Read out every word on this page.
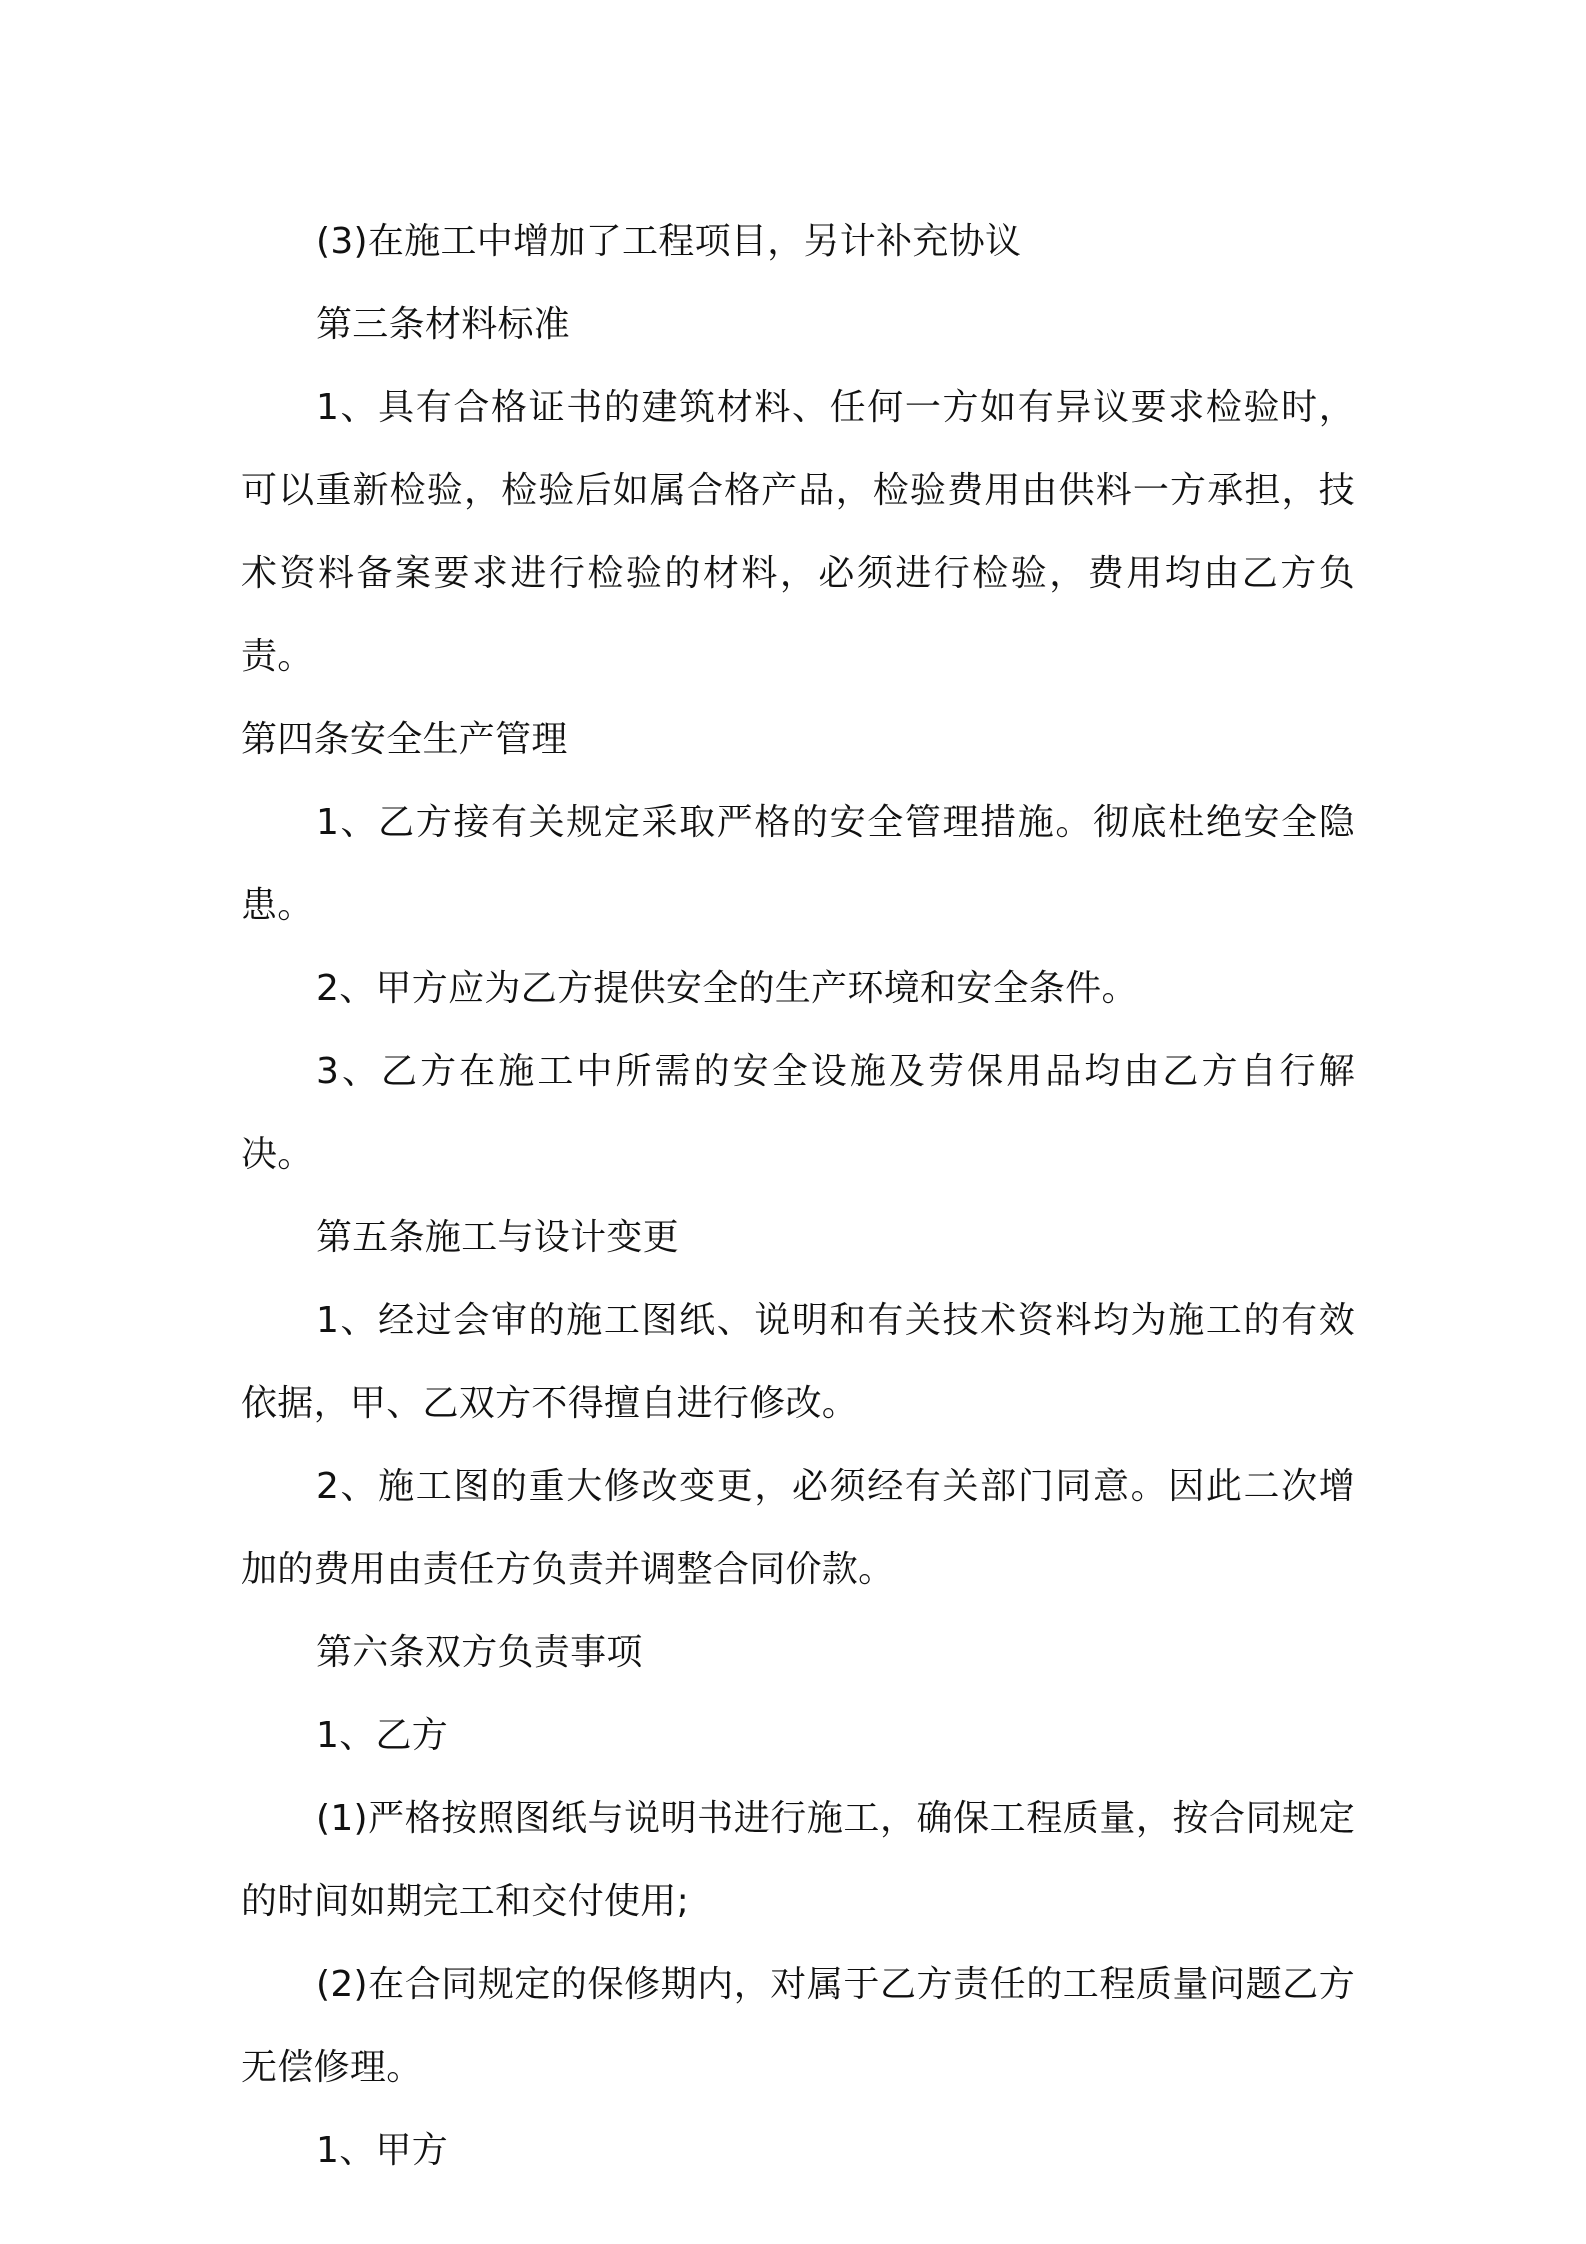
(3)在施工中增加了工程项目，另计补充协议

第三条材料标准

1、具有合格证书的建筑材料、任何一方如有异议要求检验时，可以重新检验，检验后如属合格产品，检验费用由供料一方承担，技术资料备案要求进行检验的材料，必须进行检验，费用均由乙方负责。

第四条安全生产管理

1、乙方接有关规定采取严格的安全管理措施。彻底杜绝安全隐患。

2、甲方应为乙方提供安全的生产环境和安全条件。

3、乙方在施工中所需的安全设施及劳保用品均由乙方自行解决。

第五条施工与设计变更

1、经过会审的施工图纸、说明和有关技术资料均为施工的有效依据，甲、乙双方不得擅自进行修改。

2、施工图的重大修改变更，必须经有关部门同意。因此二次增加的费用由责任方负责并调整合同价款。

第六条双方负责事项

1、乙方

(1)严格按照图纸与说明书进行施工，确保工程质量，按合同规定的时间如期完工和交付使用;

(2)在合同规定的保修期内，对属于乙方责任的工程质量问题乙方无偿修理。

1、甲方
